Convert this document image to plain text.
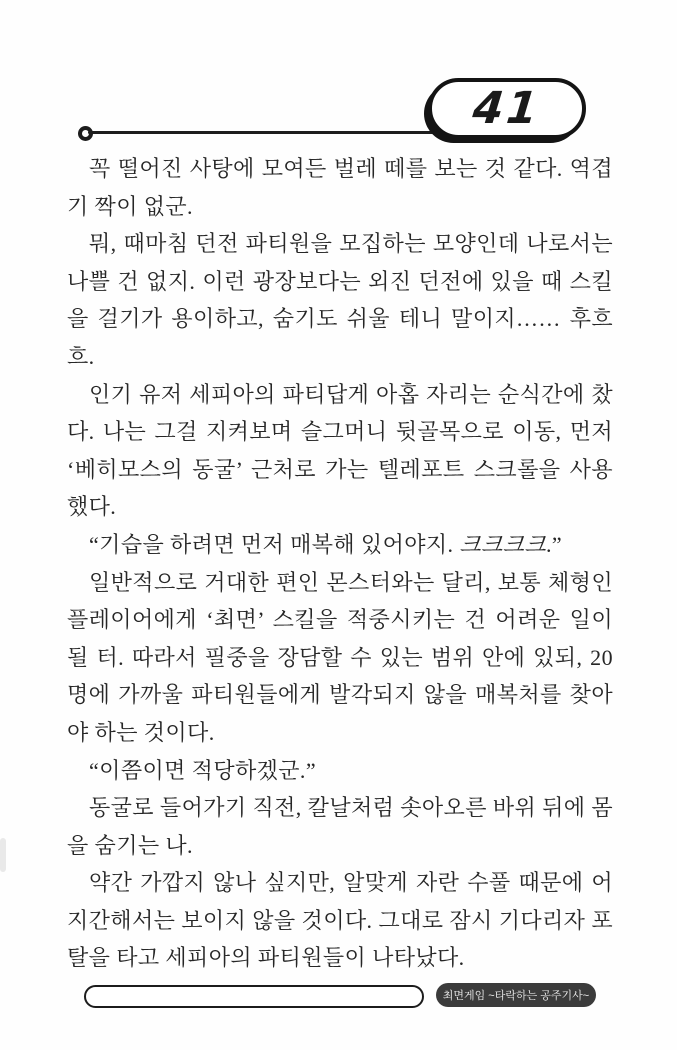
41

꼭 떨어진 사탕에 모여든 벌레 떼를 보는 것 같다. 역겹기 짝이 없군.

뭐, 때마침 던전 파티원을 모집하는 모양인데 나로서는 나쁠 건 없지. 이런 광장보다는 외진 던전에 있을 때 스킬을 걸기가 용이하고, 숨기도 쉬울 테니 말이지…… 후흐흐.

인기 유저 세피아의 파티답게 아홉 자리는 순식간에 찼다. 나는 그걸 지켜보며 슬그머니 뒷골목으로 이동, 먼저 ‘베히모스의 동굴’ 근처로 가는 텔레포트 스크롤을 사용했다.

“기습을 하려면 먼저 매복해 있어야지. 크크크크.”

일반적으로 거대한 편인 몬스터와는 달리, 보통 체형인 플레이어에게 ‘최면’ 스킬을 적중시키는 건 어려운 일이 될 터. 따라서 필중을 장담할 수 있는 범위 안에 있되, 20명에 가까울 파티원들에게 발각되지 않을 매복처를 찾아야 하는 것이다.

“이쯤이면 적당하겠군.”

동굴로 들어가기 직전, 칼날처럼 솟아오른 바위 뒤에 몸을 숨기는 나.

약간 가깝지 않나 싶지만, 알맞게 자란 수풀 때문에 어지간해서는 보이지 않을 것이다. 그대로 잠시 기다리자 포탈을 타고 세피아의 파티원들이 나타났다.

최면게임 ~타락하는 공주기사~
